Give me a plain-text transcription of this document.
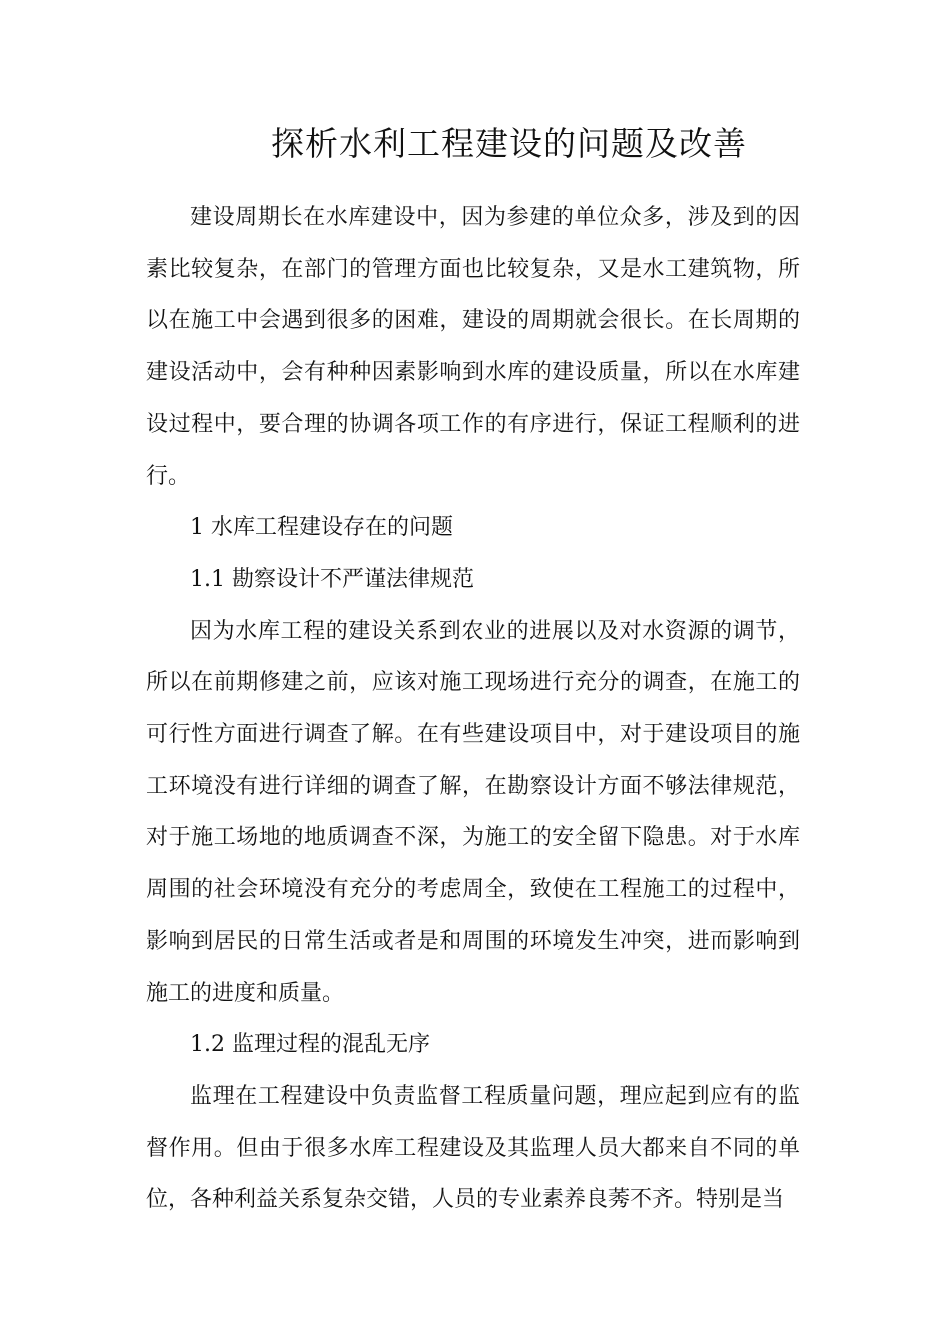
探析水利工程建设的问题及改善

建设周期长在水库建设中，因为参建的单位众多，涉及到的因素比较复杂，在部门的管理方面也比较复杂，又是水工建筑物，所以在施工中会遇到很多的困难，建设的周期就会很长。在长周期的建设活动中，会有种种因素影响到水库的建设质量，所以在水库建设过程中，要合理的协调各项工作的有序进行，保证工程顺利的进行。

1 水库工程建设存在的问题

1.1 勘察设计不严谨法律规范

因为水库工程的建设关系到农业的进展以及对水资源的调节，所以在前期修建之前，应该对施工现场进行充分的调查，在施工的可行性方面进行调查了解。在有些建设项目中，对于建设项目的施工环境没有进行详细的调查了解，在勘察设计方面不够法律规范，对于施工场地的地质调查不深，为施工的安全留下隐患。对于水库周围的社会环境没有充分的考虑周全，致使在工程施工的过程中，影响到居民的日常生活或者是和周围的环境发生冲突，进而影响到施工的进度和质量。

1.2 监理过程的混乱无序

监理在工程建设中负责监督工程质量问题，理应起到应有的监督作用。但由于很多水库工程建设及其监理人员大都来自不同的单位，各种利益关系复杂交错，人员的专业素养良莠不齐。特别是当
